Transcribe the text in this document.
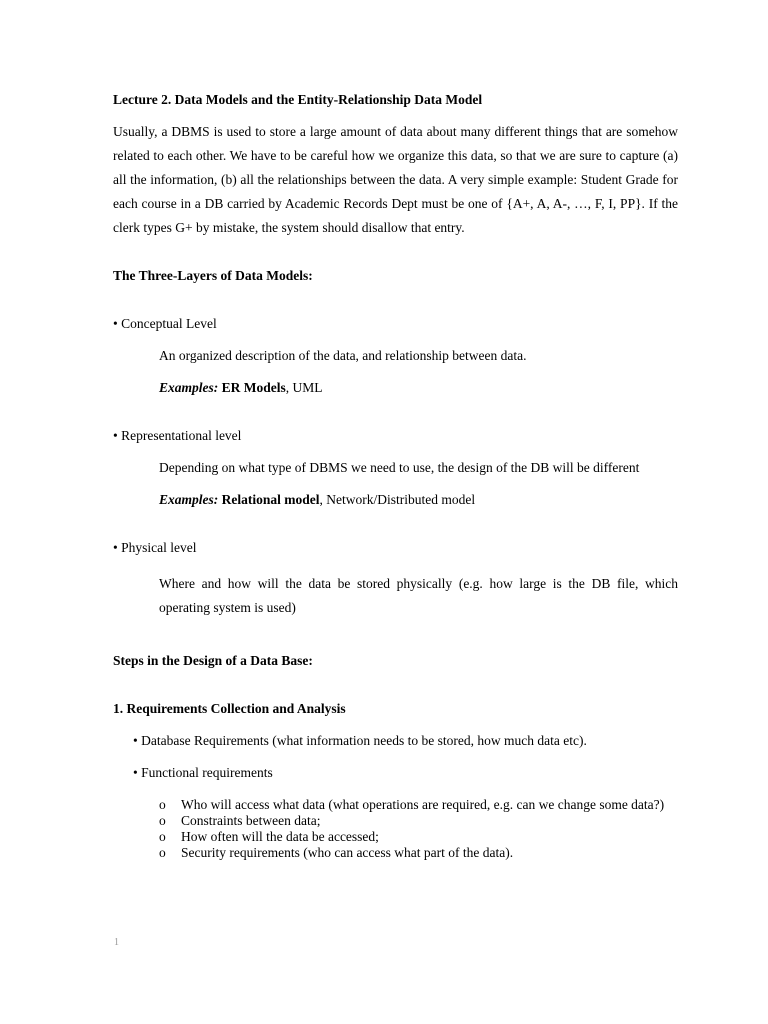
Lecture 2. Data Models and the Entity-Relationship Data Model
Usually, a DBMS is used to store a large amount of data about many different things that are somehow related to each other. We have to be careful how we organize this data, so that we are sure to capture (a) all the information, (b) all the relationships between the data. A very simple example: Student Grade for each course in a DB carried by Academic Records Dept must be one of {A+, A, A-, …, F, I, PP}. If the clerk types G+ by mistake, the system should disallow that entry.
The Three-Layers of Data Models:
• Conceptual Level
An organized description of the data, and relationship between data.
Examples: ER Models, UML
• Representational level
Depending on what type of DBMS we need to use, the design of the DB will be different
Examples: Relational model, Network/Distributed model
• Physical level
Where and how will the data be stored physically (e.g. how large is the DB file, which operating system is used)
Steps in the Design of a Data Base:
1. Requirements Collection and Analysis
• Database Requirements (what information needs to be stored, how much data etc).
• Functional requirements
o Who will access what data (what operations are required, e.g. can we change some data?)
o Constraints between data;
o How often will the data be accessed;
o Security requirements (who can access what part of the data).
1
